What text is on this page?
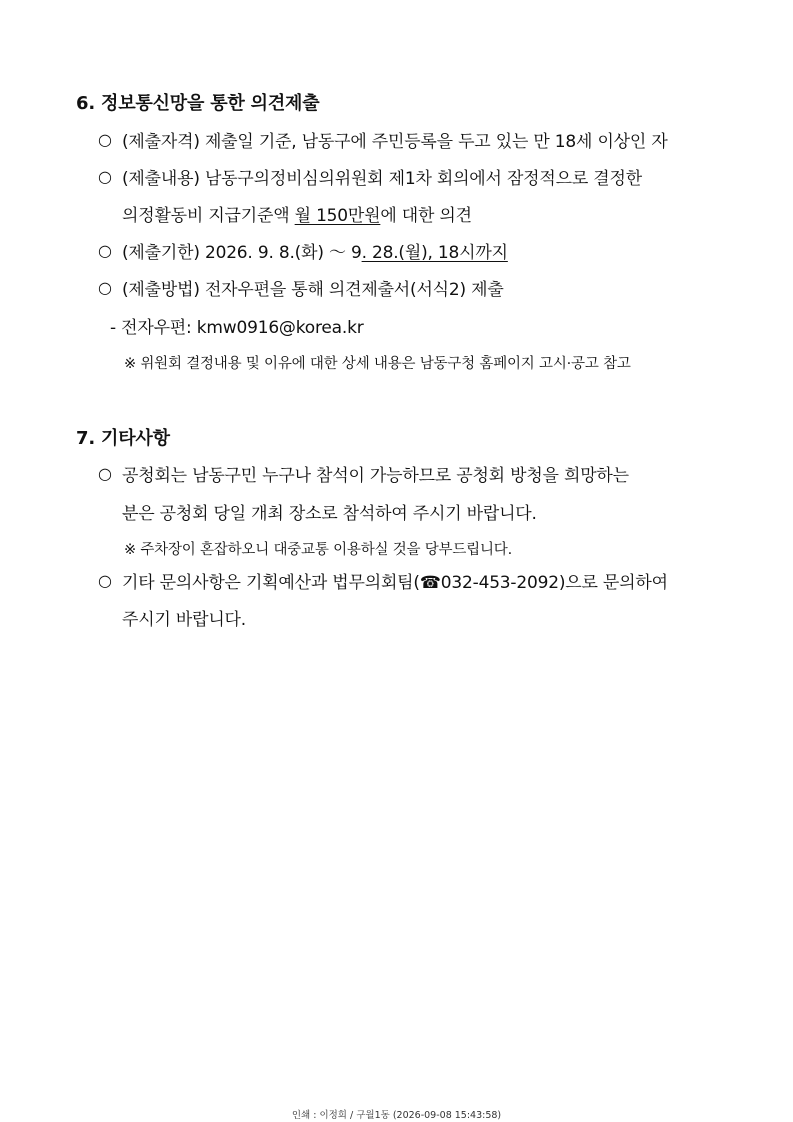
6. 정보통신망을 통한 의견제출
○ (제출자격) 제출일 기준, 남동구에 주민등록을 두고 있는 만 18세 이상인 자
○ (제출내용) 남동구의정비심의위원회 제1차 회의에서 잠정적으로 결정한
의정활동비 지급기준액 월 150만원에 대한 의견
○ (제출기한) 2026. 9. 8.(화) ～ 9. 28.(월), 18시까지
○ (제출방법) 전자우편을 통해 의견제출서(서식2) 제출
- 전자우편: kmw0916@korea.kr
※ 위원회 결정내용 및 이유에 대한 상세 내용은 남동구청 홈페이지 고시·공고 참고
7. 기타사항
○ 공청회는 남동구민 누구나 참석이 가능하므로 공청회 방청을 희망하는
분은 공청회 당일 개최 장소로 참석하여 주시기 바랍니다.
※ 주차장이 혼잡하오니 대중교통 이용하실 것을 당부드립니다.
○ 기타 문의사항은 기획예산과 법무의회팀(☎032-453-2092)으로 문의하여
주시기 바랍니다.
인쇄 : 이정희 / 구월1동 (2026-09-08 15:43:58)
